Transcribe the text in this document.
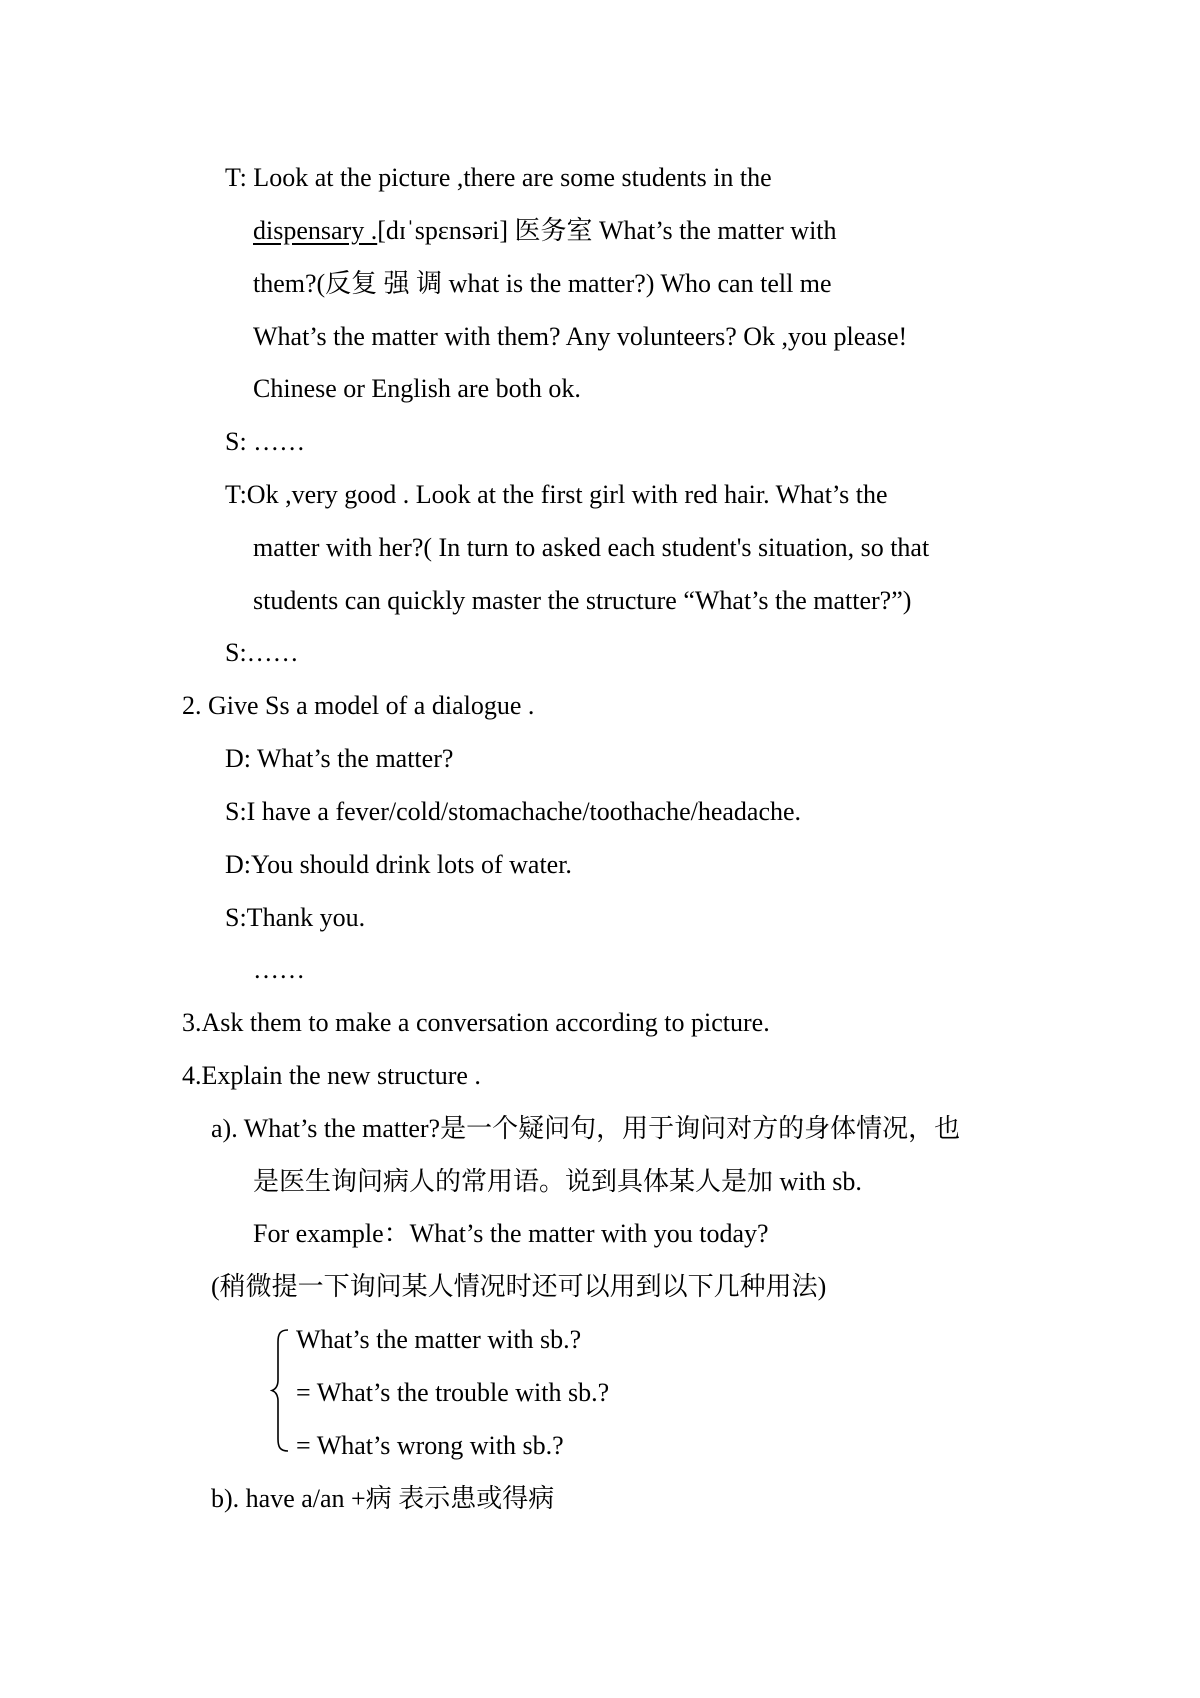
T: Look at the picture ,there are some students in the
dispensary .[dɪˈspɛnsəri] 医务室 What’s the matter with
them?(反复 强 调 what is the matter?) Who can tell me
What’s the matter with them? Any volunteers? Ok ,you please!
Chinese or English are both ok.
S: ……
T:Ok ,very good . Look at the first girl with red hair. What’s the
matter with her?( In turn to asked each student's situation, so that
students can quickly master the structure “What’s the matter?”)
S:……
2. Give Ss a model of a dialogue .
D: What’s the matter?
S:I have a fever/cold/stomachache/toothache/headache.
D:You should drink lots of water.
S:Thank you.
……
3.Ask them to make a conversation according to picture.
4.Explain the new structure .
a). What’s the matter?是一个疑问句，用于询问对方的身体情况，也
是医生询问病人的常用语。说到具体某人是加 with sb.
For example：What’s the matter with you today?
(稍微提一下询问某人情况时还可以用到以下几种用法)
What’s the matter with sb.?
= What’s the trouble with sb.?
= What’s wrong with sb.?
b). have a/an +病 表示患或得病
